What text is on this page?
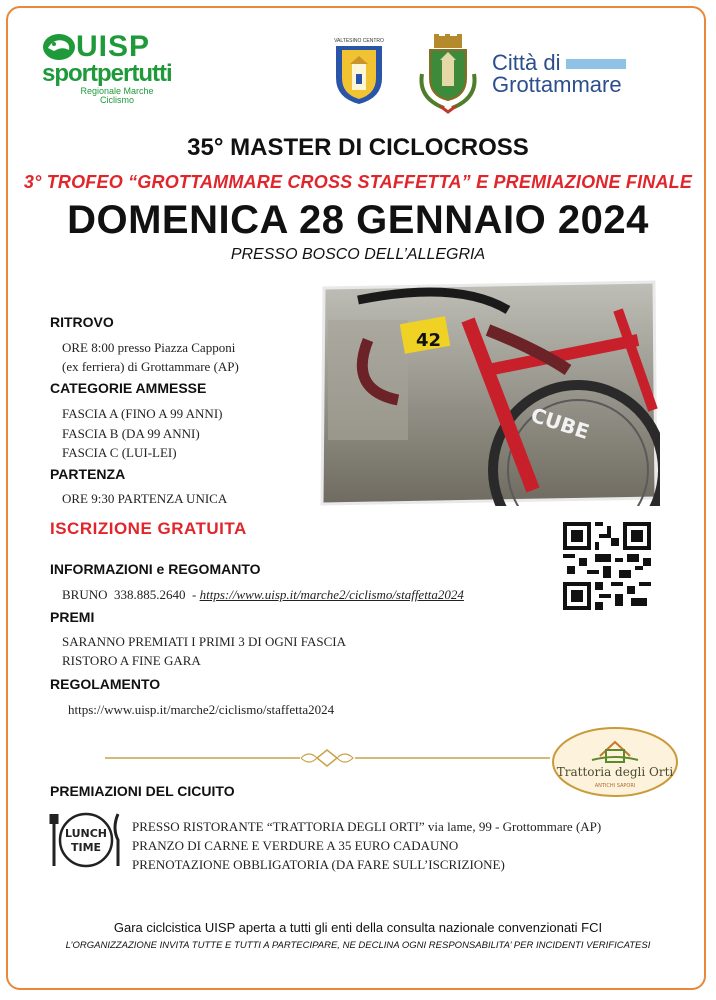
UISP
sportpertutti
Regionale Marche
Ciclismo
VALTESINO CENTRO
Città di
Grottammare
35° MASTER DI CICLOCROSS
3° TROFEO “GROTTAMMARE CROSS STAFFETTA” E PREMIAZIONE FINALE
DOMENICA 28 GENNAIO 2024
PRESSO BOSCO DELL’ALLEGRIA
42
CUBE
RITROVO
ORE 8:00 presso Piazza Capponi
(ex ferriera) di Grottammare (AP)
CATEGORIE AMMESSE
FASCIA A (FINO A 99 ANNI)
FASCIA B (DA 99 ANNI)
FASCIA C (LUI-LEI)
PARTENZA
ORE 9:30 PARTENZA UNICA
ISCRIZIONE GRATUITA
INFORMAZIONI e REGOMANTO
BRUNO  338.885.2640  - https://www.uisp.it/marche2/ciclismo/staffetta2024
PREMI
SARANNO PREMIATI I PRIMI 3 DI OGNI FASCIA
RISTORO A FINE GARA
REGOLAMENTO
https://www.uisp.it/marche2/ciclismo/staffetta2024
Trattoria degli Orti
ANTICHI SAPORI
PREMIAZIONI DEL CICUITO
LUNCH
TIME
PRESSO RISTORANTE “TRATTORIA DEGLI ORTI” via lame, 99 - Grottommare (AP)
PRANZO DI CARNE E VERDURE A 35 EURO CADAUNO
PRENOTAZIONE OBBLIGATORIA (DA FARE SULL’ISCRIZIONE)
Gara ciclcistica UISP aperta a tutti gli enti della consulta nazionale convenzionati FCI
L’ORGANIZZAZIONE INVITA TUTTE E TUTTI A PARTECIPARE, NE DECLINA OGNI RESPONSABILITA’ PER INCIDENTI VERIFICATESI
